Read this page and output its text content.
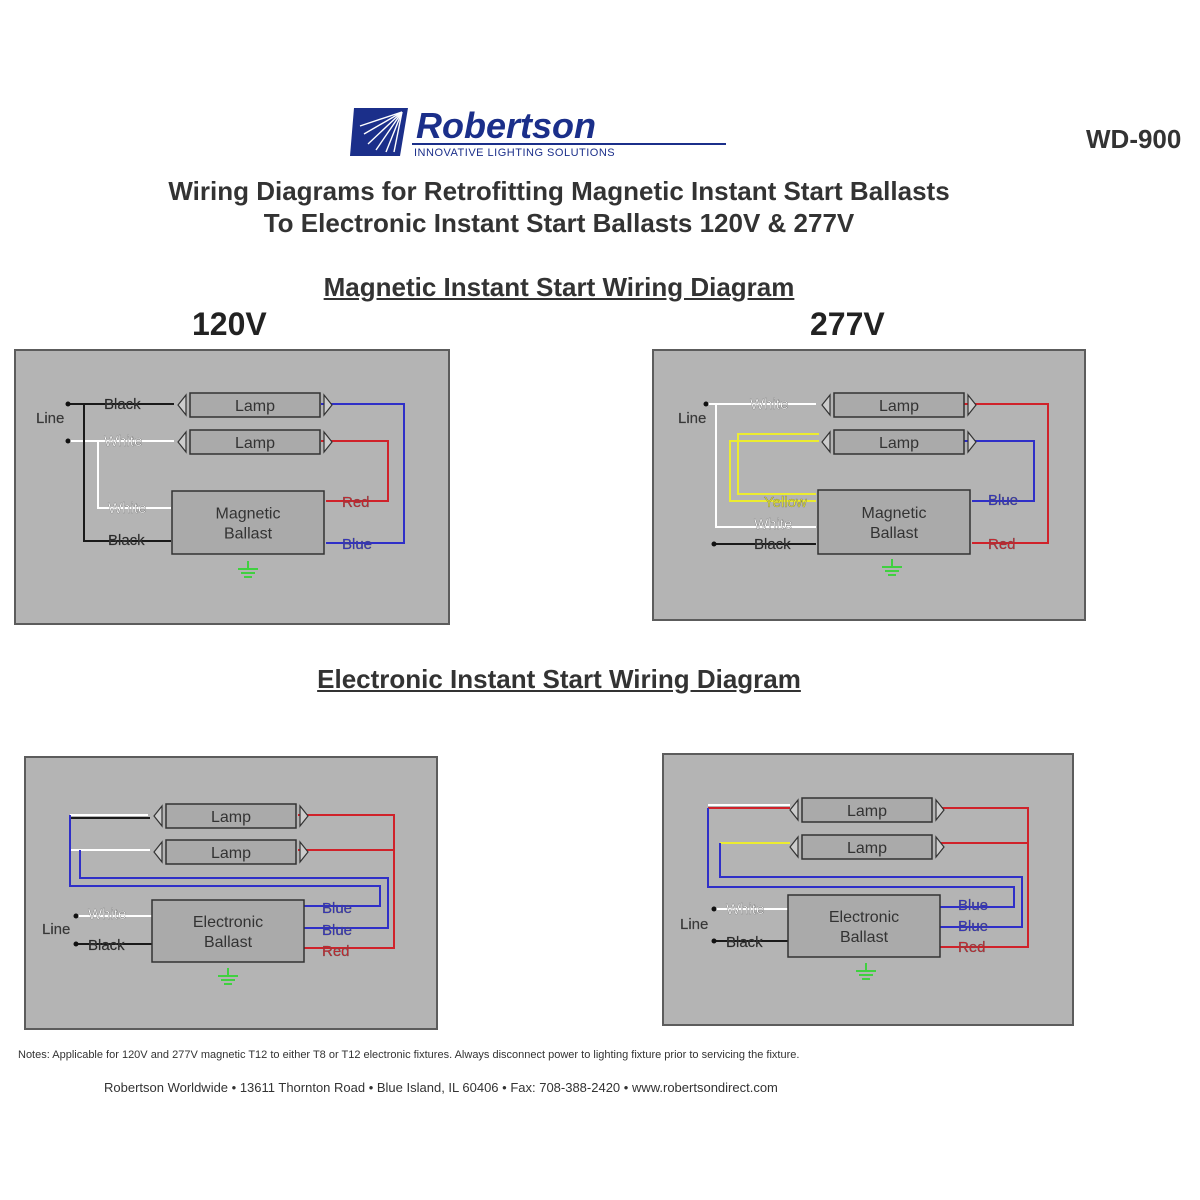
Robertson
INNOVATIVE LIGHTING SOLUTIONS	WD-900
Wiring Diagrams for Retrofitting Magnetic Instant Start Ballasts
To Electronic Instant Start Ballasts 120V & 277V
Magnetic Instant Start Wiring Diagram
120V	277V
Lamp
Lamp
Magnetic
Ballast
Line
Black
White
White
Black
Red
Blue
Lamp
Lamp
Magnetic
Ballast
Line
White
Yellow
White
Black
Blue
Red
Electronic Instant Start Wiring Diagram
Lamp
Lamp
Electronic
Ballast
Line
White
Black
Blue
Blue
Red
Lamp
Lamp
Electronic
Ballast
Line
White
Black
Blue
Blue
Red
Notes: Applicable for 120V and 277V magnetic T12 to either T8 or T12 electronic fixtures. Always disconnect power to lighting fixture prior to servicing the fixture.
Robertson Worldwide • 13611 Thornton Road • Blue Island, IL 60406 • Fax: 708-388-2420 • www.robertsondirect.com
